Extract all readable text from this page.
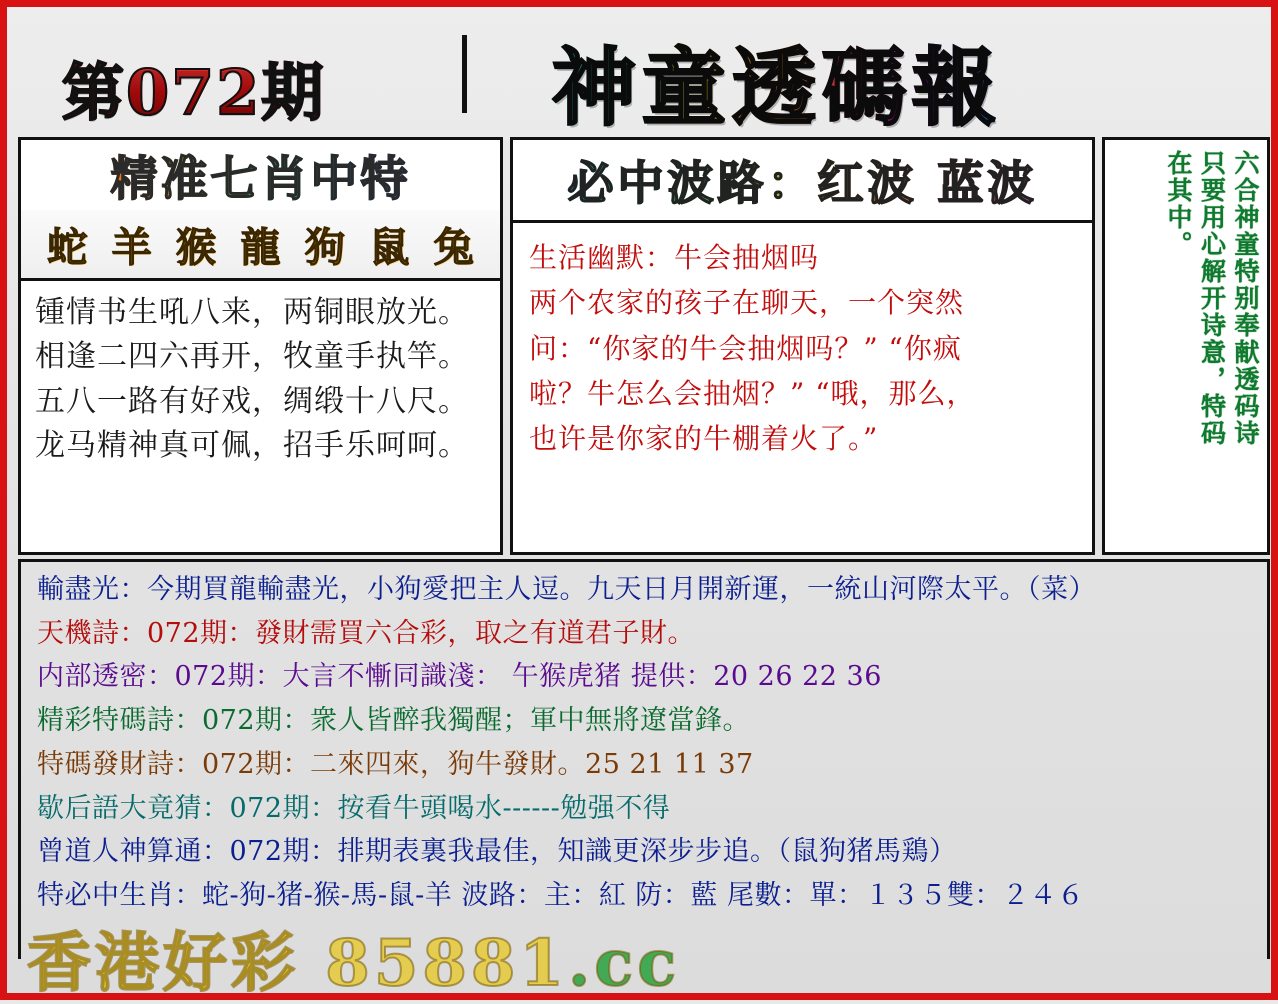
第072期	神童透碼報
精准七肖中特
蛇 羊 猴 龍 狗 鼠 兔
锺情书生吼八来，两铜眼放光。
相逢二四六再开，牧童手执竿。
五八一路有好戏，绸缎十八尺。
龙马精神真可佩，招手乐呵呵。
必中波路：红波 蓝波
生活幽默：牛会抽烟吗
两个农家的孩子在聊天，一个突然
问：“你家的牛会抽烟吗？” “你疯
啦？牛怎么会抽烟？” “哦，那么，
也许是你家的牛棚着火了。”	六合神童特别奉献透码诗
只要用心解开诗意，特码
在其中。
輸盡光：今期買龍輸盡光，小狗愛把主人逗。九天日月開新運，一統山河際太平。（菜）
天機詩：072期：發財需買六合彩，取之有道君子財。
内部透密：072期：大言不慚同識淺： 午猴虎猪 提供：20 26 22 36
精彩特碼詩：072期：衆人皆醉我獨醒；軍中無將遼當鋒。
特碼發財詩：072期：二來四來，狗牛發財。25 21 11 37
歇后語大竟猜：072期：按看牛頭喝水------勉强不得
曾道人神算通：072期：排期表裏我最佳，知識更深步步追。（鼠狗猪馬鶏）
特必中生肖：蛇-狗-猪-猴-馬-鼠-羊 波路：主：紅 防：藍 尾數：單：１３５雙：２４６
香港好彩 85881.cc
